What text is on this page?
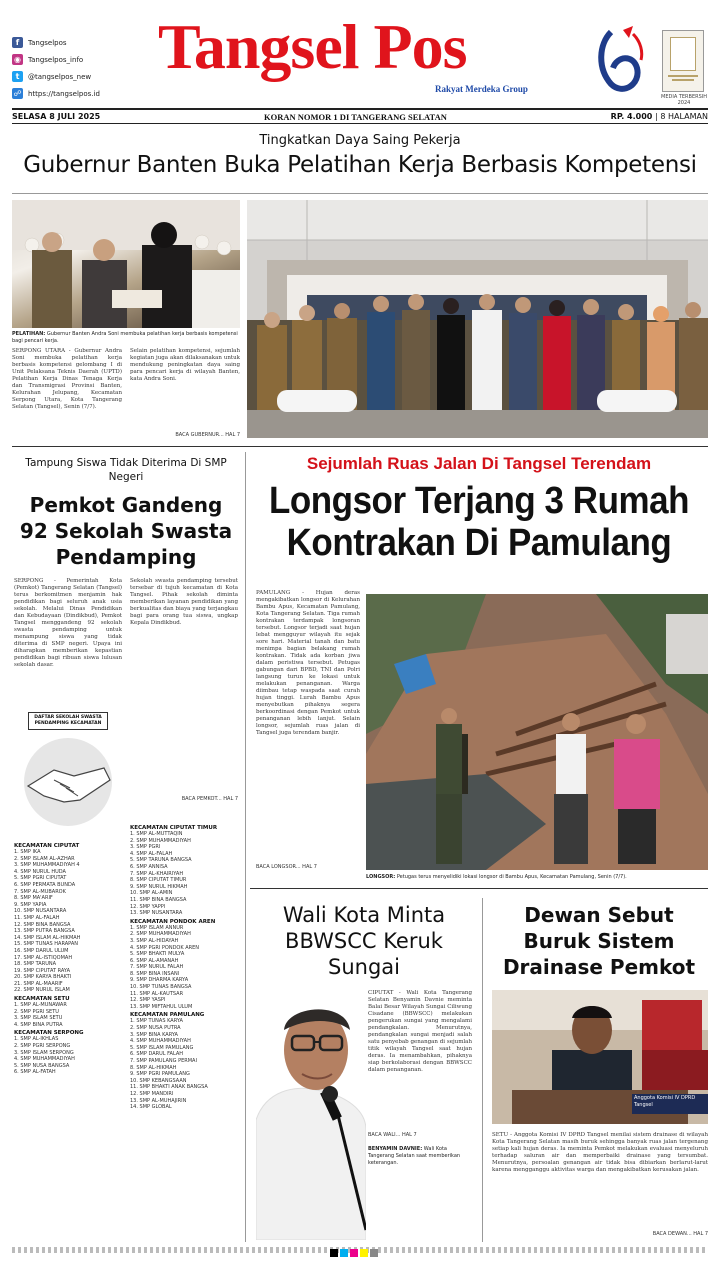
f	Tangselpos
◉ Tangselpos_info
t	@tangselpos_new
☍ https://tangselpos.id
Tangsel Pos
Rakyat Merdeka Group
MEDIA TERBERSIH 2024
SELASA 8 JULI 2025	KORAN NOMOR 1 DI TANGERANG SELATAN	RP. 4.000 | 8 HALAMAN
Tingkatkan Daya Saing Pekerja
Gubernur Banten Buka Pelatihan Kerja Berbasis Kompetensi
PELATIHAN: Gubernur Banten Andra Soni membuka pelatihan kerja berbasis kompetensi bagi pencari kerja.
SERPONG UTARA - Gubernur Andra Soni membuka pelatihan kerja berbasis kompetensi gelombang I di Unit Pelaksana Teknis Daerah (UPTD) Pelatihan Kerja Dinas Tenaga Kerja dan Transmigrasi Provinsi Banten, Kelurahan Jelupang, Kecamatan Serpong Utara, Kota Tangerang Selatan (Tangsel), Senin (7/7).
Selain pelatihan kompetensi, sejumlah kegiatan juga akan dilaksanakan untuk mendukung peningkatan daya saing para pencari kerja di wilayah Banten, kata Andra Soni.
BACA GUBERNUR... HAL 7
Tampung Siswa Tidak Diterima Di SMP Negeri
Pemkot Gandeng 92 Sekolah Swasta Pendamping
SERPONG - Pemerintah Kota (Pemkot) Tangerang Selatan (Tangsel) terus berkomitmen menjamin hak pendidikan bagi seluruh anak usia sekolah. Melalui Dinas Pendidikan dan Kebudayaan (Dindikbud), Pemkot Tangsel menggandeng 92 sekolah swasta pendamping untuk menampung siswa yang tidak diterima di SMP negeri. Upaya ini diharapkan memberikan kepastian pendidikan bagi ribuan siswa lulusan sekolah dasar.
Sekolah swasta pendamping tersebut tersebar di tujuh kecamatan di Kota Tangsel. Pihak sekolah diminta memberikan layanan pendidikan yang berkualitas dan biaya yang terjangkau bagi para orang tua siswa, ungkap Kepala Dindikbud.
DAFTAR SEKOLAH SWASTA PENDAMPING KECAMATAN
BACA PEMKOT... HAL 7
KECAMATAN CIPUTAT
1. SMP IKA
2. SMP ISLAM AL-AZHAR
3. SMP MUHAMMADIYAH 4
4. SMP NURUL HUDA
5. SMP PGRI CIPUTAT
6. SMP PERMATA BUNDA
7. SMP AL-MUBAROK
8. SMP MA'ARIF
9. SMP YAPIA
10. SMP NUSANTARA
11. SMP AL-FALAH
12. SMP BINA BANGSA
13. SMP PUTRA BANGSA
14. SMP ISLAM AL-HIKMAH
15. SMP TUNAS HARAPAN
16. SMP DARUL ULUM
17. SMP AL-ISTIQOMAH
18. SMP TARUNA
19. SMP CIPUTAT RAYA
20. SMP KARYA BHAKTI
21. SMP AL-MAARIF
22. SMP NURUL ISLAM
KECAMATAN SETU
1. SMP AL-MUNAWAR
2. SMP PGRI SETU
3. SMP ISLAM SETU
4. SMP BINA PUTRA
KECAMATAN SERPONG
1. SMP AL-IKHLAS
2. SMP PGRI SERPONG
3. SMP ISLAM SERPONG
4. SMP MUHAMMADIYAH
5. SMP NUSA BANGSA
6. SMP AL-FATAH
KECAMATAN CIPUTAT TIMUR
1. SMP AL-MUTTAQIN
2. SMP MUHAMMADIYAH
3. SMP PGRI
4. SMP AL-FALAH
5. SMP TARUNA BANGSA
6. SMP ANNISA
7. SMP AL-KHAIRIYAH
8. SMP CIPUTAT TIMUR
9. SMP NURUL HIKMAH
10. SMP AL-AMIN
11. SMP BINA BANGSA
12. SMP YAPPI
13. SMP NUSANTARA
KECAMATAN PONDOK AREN
1. SMP ISLAM ANNUR
2. SMP MUHAMMADIYAH
3. SMP AL-HIDAYAH
4. SMP PGRI PONDOK AREN
5. SMP BHAKTI MULYA
6. SMP AL-AMANAH
7. SMP NURUL FALAH
8. SMP BINA INSANI
9. SMP DHARMA KARYA
10. SMP TUNAS BANGSA
11. SMP AL-KAUTSAR
12. SMP YASPI
13. SMP MIFTAHUL ULUM
KECAMATAN PAMULANG
1. SMP TUNAS KARYA
2. SMP NUSA PUTRA
3. SMP BINA KARYA
4. SMP MUHAMMADIYAH
5. SMP ISLAM PAMULANG
6. SMP DARUL FALAH
7. SMP PAMULANG PERMAI
8. SMP AL-HIKMAH
9. SMP PGRI PAMULANG
10. SMP KEBANGSAAN
11. SMP BHAKTI ANAK BANGSA
12. SMP MANDIRI
13. SMP AL-MUHAJIRIN
14. SMP GLOBAL
Sejumlah Ruas Jalan Di Tangsel Terendam
Longsor Terjang 3 Rumah Kontrakan Di Pamulang
PAMULANG - Hujan deras mengakibatkan longsor di Kelurahan Bambu Apus, Kecamatan Pamulang, Kota Tangerang Selatan. Tiga rumah kontrakan terdampak longsoran tersebut. Longsor terjadi saat hujan lebat mengguyur wilayah itu sejak sore hari. Material tanah dan batu menimpa bagian belakang rumah kontrakan. Tidak ada korban jiwa dalam peristiwa tersebut. Petugas gabungan dari BPBD, TNI dan Polri langsung turun ke lokasi untuk melakukan penanganan. Warga diimbau tetap waspada saat curah hujan tinggi. Lurah Bambu Apus menyebutkan pihaknya segera berkoordinasi dengan Pemkot untuk penanganan lebih lanjut. Selain longsor, sejumlah ruas jalan di Tangsel juga terendam banjir.
LONGSOR: Petugas terus menyelidiki lokasi longsor di Bambu Apus, Kecamatan Pamulang, Senin (7/7).
BACA LONGSOR... HAL 7
Wali Kota Minta BBWSCC Keruk Sungai
CIPUTAT - Wali Kota Tangerang Selatan Benyamin Davnie meminta Balai Besar Wilayah Sungai Ciliwung Cisadane (BBWSCC) melakukan pengerukan sungai yang mengalami pendangkalan. Menurutnya, pendangkalan sungai menjadi salah satu penyebab genangan di sejumlah titik wilayah Tangsel saat hujan deras. Ia menambahkan, pihaknya siap berkolaborasi dengan BBWSCC dalam penanganan.
BENYAMIN DAVNIE: Wali Kota Tangerang Selatan saat memberikan keterangan.
BACA WALI... HAL 7
Dewan Sebut Buruk Sistem Drainase Pemkot
Anggota Komisi IV DPRD Tangsel
SETU - Anggota Komisi IV DPRD Tangsel menilai sistem drainase di wilayah Kota Tangerang Selatan masih buruk sehingga banyak ruas jalan tergenang setiap kali hujan deras. Ia meminta Pemkot melakukan evaluasi menyeluruh terhadap saluran air dan memperbaiki drainase yang tersumbat. Menurutnya, persoalan genangan air tidak bisa dibiarkan berlarut-larut karena mengganggu aktivitas warga dan mengakibatkan kerusakan jalan.
BACA DEWAN... HAL 7
